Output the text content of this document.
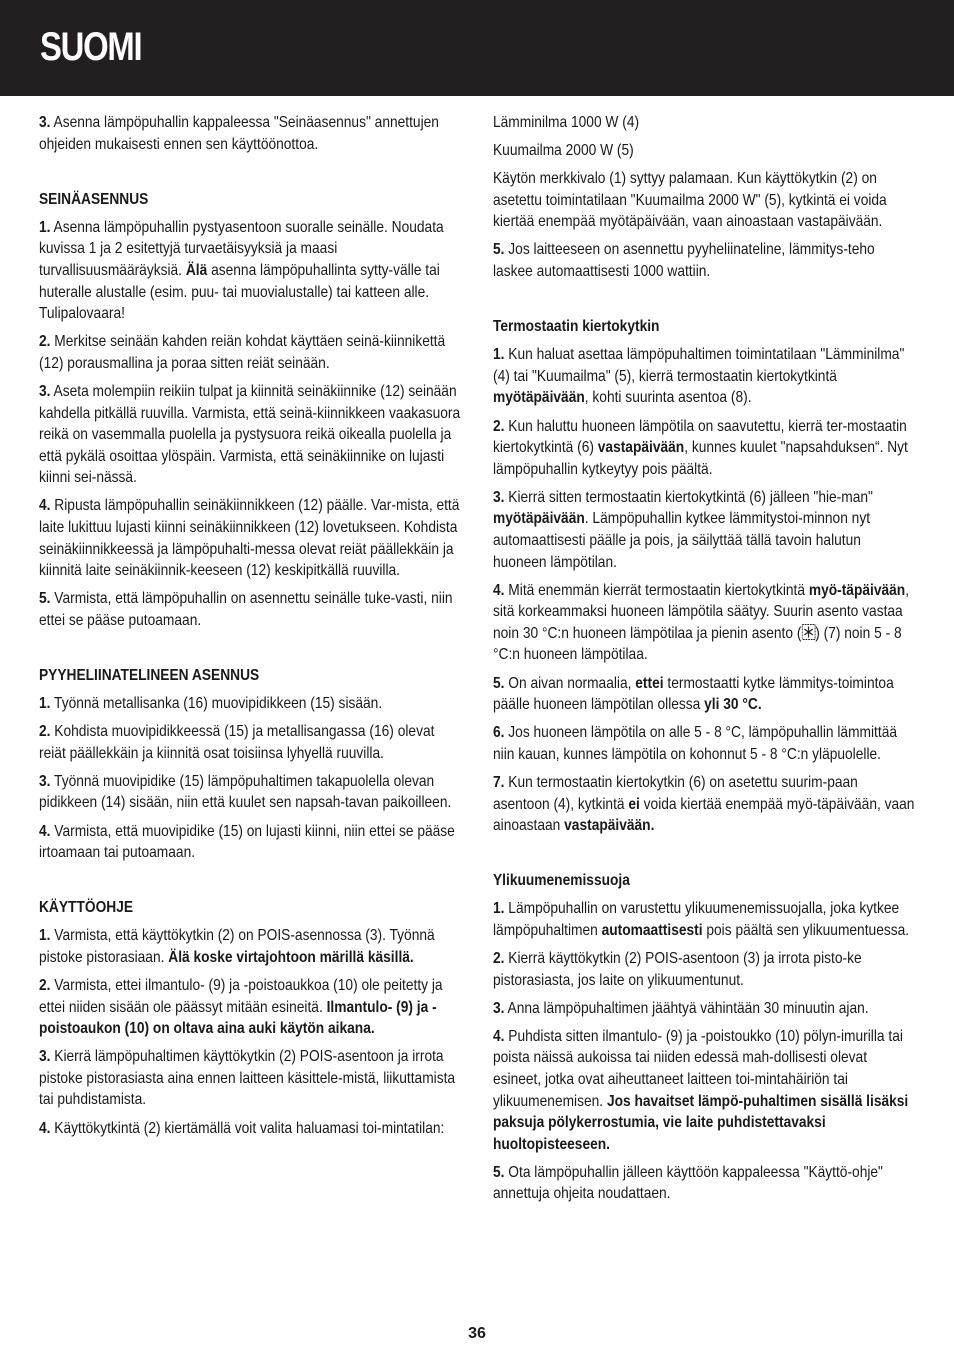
SUOMI

3. Asenna lämpöpuhallin kappaleessa "Seinäasennus" annettujen ohjeiden mukaisesti ennen sen käyttöönottoa.

SEINÄASENNUS

1. Asenna lämpöpuhallin pystyasentoon suoralle seinälle. Noudata kuvissa 1 ja 2 esitettyjä turvaetäisyyksiä ja maasi turvallisuusmääräyksiä. Älä asenna lämpöpuhallinta sytty-välle tai huteralle alustalle (esim. puu- tai muovialustalle) tai katteen alle. Tulipalovaara!

2. Merkitse seinään kahden reiän kohdat käyttäen seinä-kiinnikettä (12) porausmallina ja poraa sitten reiät seinään.

3. Aseta molempiin reikiin tulpat ja kiinnitä seinäkiinnike (12) seinään kahdella pitkällä ruuvilla. Varmista, että seinä-kiinnikkeen vaakasuora reikä on vasemmalla puolella ja pystysuora reikä oikealla puolella ja että pykälä osoittaa ylöspäin. Varmista, että seinäkiinnike on lujasti kiinni sei-nässä.

4. Ripusta lämpöpuhallin seinäkiinnikkeen (12) päälle. Var-mista, että laite lukittuu lujasti kiinni seinäkiinnikkeen (12) lovetukseen. Kohdista seinäkiinnikkeessä ja lämpöpuhalti-messa olevat reiät päällekkäin ja kiinnitä laite seinäkiinnik-keeseen (12) keskipitkällä ruuvilla.

5. Varmista, että lämpöpuhallin on asennettu seinälle tuke-vasti, niin ettei se pääse putoamaan.

PYYHELIINATELINEEN ASENNUS

1. Työnnä metallisanka (16) muovipidikkeen (15) sisään.

2. Kohdista muovipidikkeessä (15) ja metallisangassa (16) olevat reiät päällekkäin ja kiinnitä osat toisiinsa lyhyellä ruuvilla.

3. Työnnä muovipidike (15) lämpöpuhaltimen takapuolella olevan pidikkeen (14) sisään, niin että kuulet sen napsah-tavan paikoilleen.

4. Varmista, että muovipidike (15) on lujasti kiinni, niin ettei se pääse irtoamaan tai putoamaan.

KÄYTTÖOHJE

1. Varmista, että käyttökytkin (2) on POIS-asennossa (3). Työnnä pistoke pistorasiaan. Älä koske virtajohtoon märillä käsillä.

2. Varmista, ettei ilmantulo- (9) ja -poistoaukkoa (10) ole peitetty ja ettei niiden sisään ole päässyt mitään esineitä. Ilmantulo- (9) ja -poistoaukon (10) on oltava aina auki käytön aikana.

3. Kierrä lämpöpuhaltimen käyttökytkin (2) POIS-asentoon ja irrota pistoke pistorasiasta aina ennen laitteen käsittele-mistä, liikuttamista tai puhdistamista.

4. Käyttökytkintä (2) kiertämällä voit valita haluamasi toi-mintatilan:

Lämminilma 1000 W (4)

Kuumailma 2000 W (5)

Käytön merkkivalo (1) syttyy palamaan. Kun käyttökytkin (2) on asetettu toimintatilaan "Kuumailma 2000 W" (5), kytkintä ei voida kiertää enempää myötäpäivään, vaan ainoastaan vastapäivään.

5. Jos laitteeseen on asennettu pyyheliinateline, lämmitys-teho laskee automaattisesti 1000 wattiin.

Termostaatin kiertokytkin

1. Kun haluat asettaa lämpöpuhaltimen toimintatilaan "Lämminilma" (4) tai "Kuumailma" (5), kierrä termostaatin kiertokytkintä myötäpäivään, kohti suurinta asentoa (8).

2. Kun haluttu huoneen lämpötila on saavutettu, kierrä ter-mostaatin kiertokytkintä (6) vastapäivään, kunnes kuulet "napsahduksen“. Nyt lämpöpuhallin kytkeytyy pois päältä.

3. Kierrä sitten termostaatin kiertokytkintä (6) jälleen "hie-man" myötäpäivään. Lämpöpuhallin kytkee lämmitystoi-minnon nyt automaattisesti päälle ja pois, ja säilyttää tällä tavoin halutun huoneen lämpötilan.

4. Mitä enemmän kierrät termostaatin kiertokytkintä myö-täpäivään, sitä korkeammaksi huoneen lämpötila säätyy. Suurin asento vastaa noin 30 °C:n huoneen lämpötilaa ja pienin asento ( ) (7) noin 5 - 8 °C:n huoneen lämpötilaa.

5. On aivan normaalia, ettei termostaatti kytke lämmitys-toimintoa päälle huoneen lämpötilan ollessa yli 30 °C.

6. Jos huoneen lämpötila on alle 5 - 8 °C, lämpöpuhallin lämmittää niin kauan, kunnes lämpötila on kohonnut 5 - 8 °C:n yläpuolelle.

7. Kun termostaatin kiertokytkin (6) on asetettu suurim-paan asentoon (4), kytkintä ei voida kiertää enempää myö-täpäivään, vaan ainoastaan vastapäivään.

Ylikuumenemissuoja

1. Lämpöpuhallin on varustettu ylikuumenemissuojalla, joka kytkee lämpöpuhaltimen automaattisesti pois päältä sen ylikuumentuessa.

2. Kierrä käyttökytkin (2) POIS-asentoon (3) ja irrota pisto-ke pistorasiasta, jos laite on ylikuumentunut.

3. Anna lämpöpuhaltimen jäähtyä vähintään 30 minuutin ajan.

4. Puhdista sitten ilmantulo- (9) ja -poistoukko (10) pölyn-imurilla tai poista näissä aukoissa tai niiden edessä mah-dollisesti olevat esineet, jotka ovat aiheuttaneet laitteen toi-mintahäiriön tai ylikuumenemisen. Jos havaitset lämpö-puhaltimen sisällä lisäksi paksuja pölykerrostumia, vie laite puhdistettavaksi huoltopisteeseen.

5. Ota lämpöpuhallin jälleen käyttöön kappaleessa "Käyttö-ohje" annettuja ohjeita noudattaen.

36
